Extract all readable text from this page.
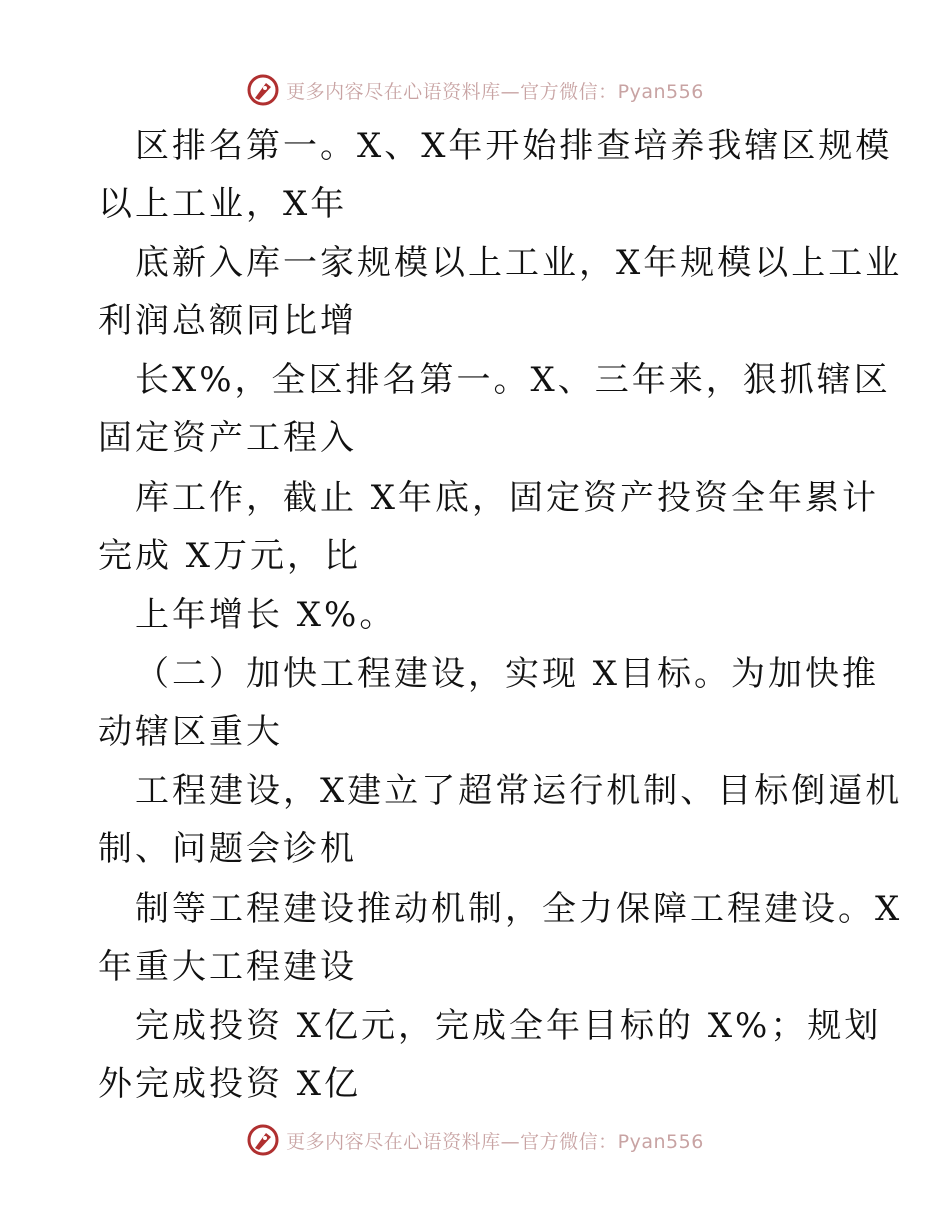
更多内容尽在心语资料库—官方微信：Pyan556
区排名第一。X、X年开始排查培养我辖区规模
以上工业，X年
底新入库一家规模以上工业，X年规模以上工业
利润总额同比增
长X%，全区排名第一。X、三年来，狠抓辖区
固定资产工程入
库工作，截止 X年底，固定资产投资全年累计
完成 X万元，比
上年增长 X%。
（二）加快工程建设，实现 X目标。为加快推
动辖区重大
工程建设，X建立了超常运行机制、目标倒逼机
制、问题会诊机
制等工程建设推动机制，全力保障工程建设。X
年重大工程建设
完成投资 X亿元，完成全年目标的 X%；规划
外完成投资 X亿
更多内容尽在心语资料库—官方微信：Pyan556
